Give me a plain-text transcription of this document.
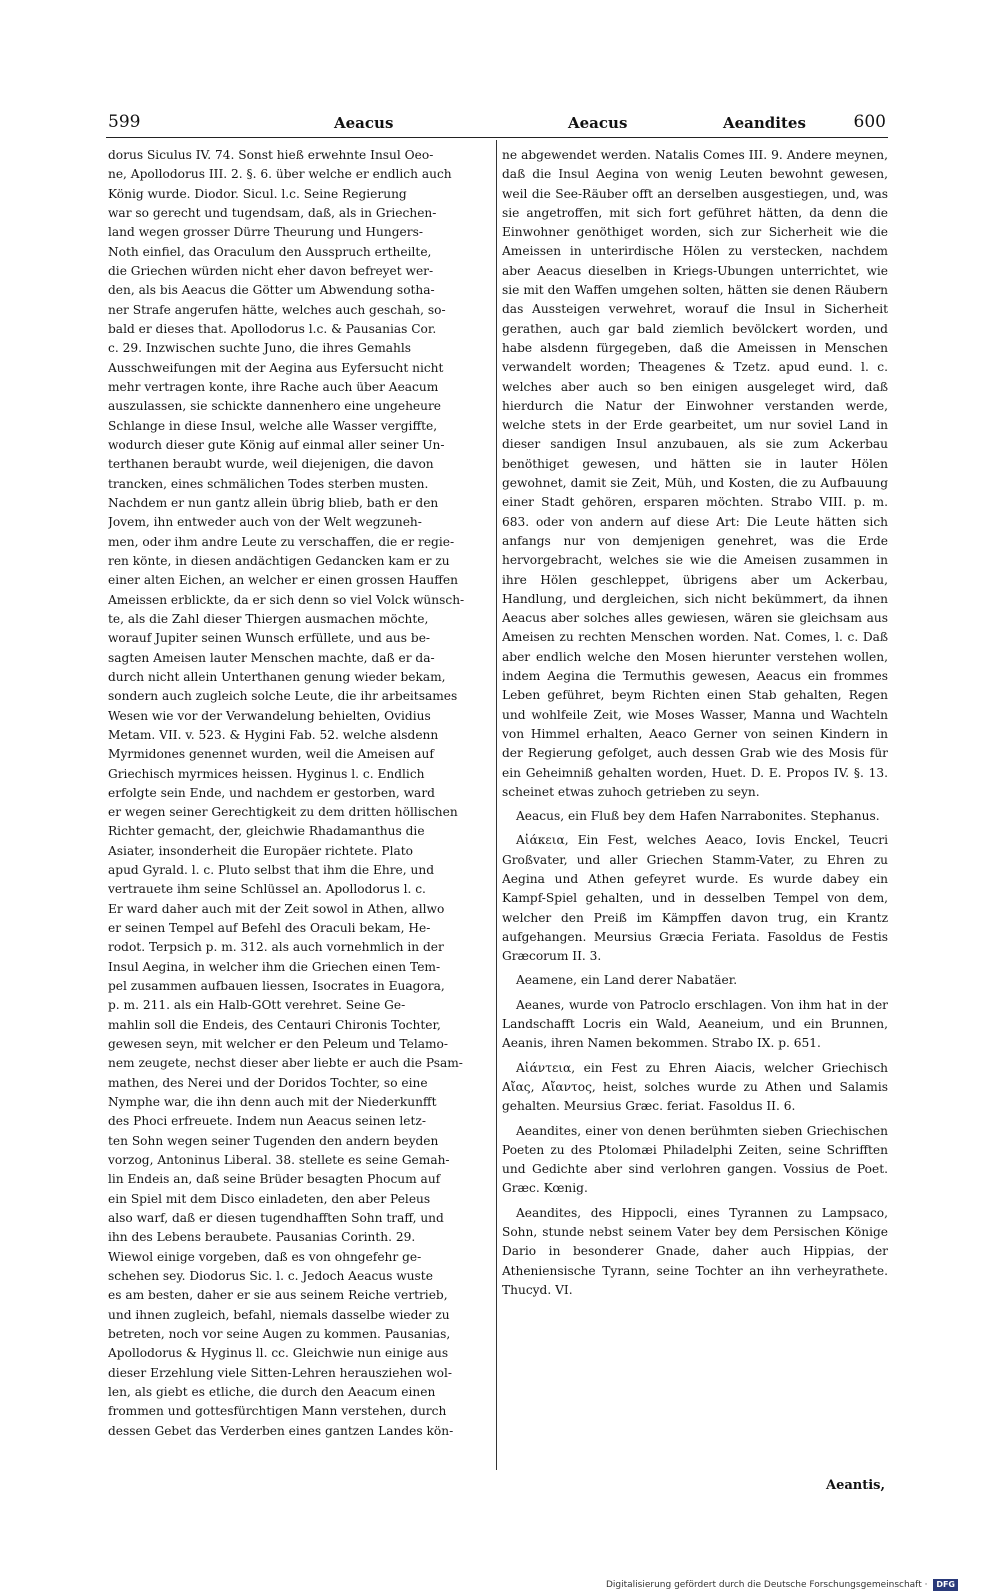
599	Aeacus	Aeacus	Aeandites	600
dorus Siculus IV. 74. Sonst hieß erwehnte Insul Oeo-
ne, Apollodorus III. 2. §. 6. über welche er endlich auch
König wurde. Diodor. Sicul. l.c. Seine Regierung
war so gerecht und tugendsam, daß, als in Griechen-
land wegen grosser Dürre Theurung und Hungers-
Noth einfiel, das Oraculum den Ausspruch ertheilte,
die Griechen würden nicht eher davon befreyet wer-
den, als bis Aeacus die Götter um Abwendung sotha-
ner Strafe angerufen hätte, welches auch geschah, so-
bald er dieses that. Apollodorus l.c. & Pausanias Cor.
c. 29. Inzwischen suchte Juno, die ihres Gemahls
Ausschweifungen mit der Aegina aus Eyfersucht nicht
mehr vertragen konte, ihre Rache auch über Aeacum
auszulassen, sie schickte dannenhero eine ungeheure
Schlange in diese Insul, welche alle Wasser vergiffte,
wodurch dieser gute König auf einmal aller seiner Un-
terthanen beraubt wurde, weil diejenigen, die davon
trancken, eines schmälichen Todes sterben musten.
Nachdem er nun gantz allein übrig blieb, bath er den
Jovem, ihn entweder auch von der Welt wegzuneh-
men, oder ihm andre Leute zu verschaffen, die er regie-
ren könte, in diesen andächtigen Gedancken kam er zu
einer alten Eichen, an welcher er einen grossen Hauffen
Ameissen erblickte, da er sich denn so viel Volck wünsch-
te, als die Zahl dieser Thiergen ausmachen möchte,
worauf Jupiter seinen Wunsch erfüllete, und aus be-
sagten Ameisen lauter Menschen machte, daß er da-
durch nicht allein Unterthanen genung wieder bekam,
sondern auch zugleich solche Leute, die ihr arbeitsames
Wesen wie vor der Verwandelung behielten, Ovidius
Metam. VII. v. 523. & Hygini Fab. 52. welche alsdenn
Myrmidones genennet wurden, weil die Ameisen auf
Griechisch myrmices heissen. Hyginus l. c. Endlich
erfolgte sein Ende, und nachdem er gestorben, ward
er wegen seiner Gerechtigkeit zu dem dritten höllischen
Richter gemacht, der, gleichwie Rhadamanthus die
Asiater, insonderheit die Europäer richtete. Plato
apud Gyrald. l. c. Pluto selbst that ihm die Ehre, und
vertrauete ihm seine Schlüssel an. Apollodorus l. c.
Er ward daher auch mit der Zeit sowol in Athen, allwo
er seinen Tempel auf Befehl des Oraculi bekam, He-
rodot. Terpsich p. m. 312. als auch vornehmlich in der
Insul Aegina, in welcher ihm die Griechen einen Tem-
pel zusammen aufbauen liessen, Isocrates in Euagora,
p. m. 211. als ein Halb-GOtt verehret. Seine Ge-
mahlin soll die Endeis, des Centauri Chironis Tochter,
gewesen seyn, mit welcher er den Peleum und Telamo-
nem zeugete, nechst dieser aber liebte er auch die Psam-
mathen, des Nerei und der Doridos Tochter, so eine
Nymphe war, die ihn denn auch mit der Niederkunfft
des Phoci erfreuete. Indem nun Aeacus seinen letz-
ten Sohn wegen seiner Tugenden den andern beyden
vorzog, Antoninus Liberal. 38. stellete es seine Gemah-
lin Endeis an, daß seine Brüder besagten Phocum auf
ein Spiel mit dem Disco einladeten, den aber Peleus
also warf, daß er diesen tugendhafften Sohn traff, und
ihn des Lebens beraubete. Pausanias Corinth. 29.
Wiewol einige vorgeben, daß es von ohngefehr ge-
schehen sey. Diodorus Sic. l. c. Jedoch Aeacus wuste
es am besten, daher er sie aus seinem Reiche vertrieb,
und ihnen zugleich, befahl, niemals dasselbe wieder zu
betreten, noch vor seine Augen zu kommen. Pausanias,
Apollodorus & Hyginus ll. cc. Gleichwie nun einige aus
dieser Erzehlung viele Sitten-Lehren herausziehen wol-
len, als giebt es etliche, die durch den Aeacum einen
frommen und gottesfürchtigen Mann verstehen, durch
dessen Gebet das Verderben eines gantzen Landes kön-

ne abgewendet werden. Natalis Comes III. 9. Andere meynen, daß die Insul Aegina von wenig Leuten bewohnt gewesen, weil die See-Räuber offt an derselben ausgestiegen, und, was sie angetroffen, mit sich fort geführet hätten, da denn die Einwohner genöthiget worden, sich zur Sicherheit wie die Ameissen in unterirdische Hölen zu verstecken, nachdem aber Aeacus dieselben in Kriegs-Ubungen unterrichtet, wie sie mit den Waffen umgehen solten, hätten sie denen Räubern das Aussteigen verwehret, worauf die Insul in Sicherheit gerathen, auch gar bald ziemlich bevölckert worden, und habe alsdenn fürgegeben, daß die Ameissen in Menschen verwandelt worden; Theagenes & Tzetz. apud eund. l. c. welches aber auch so ben einigen ausgeleget wird, daß hierdurch die Natur der Einwohner verstanden werde, welche stets in der Erde gearbeitet, um nur soviel Land in dieser sandigen Insul anzubauen, als sie zum Ackerbau benöthiget gewesen, und hätten sie in lauter Hölen gewohnet, damit sie Zeit, Müh, und Kosten, die zu Aufbauung einer Stadt gehören, ersparen möchten. Strabo VIII. p. m. 683. oder von andern auf diese Art: Die Leute hätten sich anfangs nur von demjenigen genehret, was die Erde hervorgebracht, welches sie wie die Ameisen zusammen in ihre Hölen geschleppet, übrigens aber um Ackerbau, Handlung, und dergleichen, sich nicht bekümmert, da ihnen Aeacus aber solches alles gewiesen, wären sie gleichsam aus Ameisen zu rechten Menschen worden. Nat. Comes, l. c. Daß aber endlich welche den Mosen hierunter verstehen wollen, indem Aegina die Termuthis gewesen, Aeacus ein frommes Leben geführet, beym Richten einen Stab gehalten, Regen und wohlfeile Zeit, wie Moses Wasser, Manna und Wachteln von Himmel erhalten, Aeaco Gerner von seinen Kindern in der Regierung gefolget, auch dessen Grab wie des Mosis für ein Geheimniß gehalten worden, Huet. D. E. Propos IV. §. 13. scheinet etwas zuhoch getrieben zu seyn.

Aeacus, ein Fluß bey dem Hafen Narrabonites. Stephanus.

Αἰάκεια, Ein Fest, welches Aeaco, Iovis Enckel, Teucri Großvater, und aller Griechen Stamm-Vater, zu Ehren zu Aegina und Athen gefeyret wurde. Es wurde dabey ein Kampf-Spiel gehalten, und in desselben Tempel von dem, welcher den Preiß im Kämpffen davon trug, ein Krantz aufgehangen. Meursius Græcia Feriata. Fasoldus de Festis Græcorum II. 3.

Aeamene, ein Land derer Nabatäer.

Aeanes, wurde von Patroclo erschlagen. Von ihm hat in der Landschafft Locris ein Wald, Aeaneium, und ein Brunnen, Aeanis, ihren Namen bekommen. Strabo IX. p. 651.

Αἰάντεια, ein Fest zu Ehren Aiacis, welcher Griechisch Αἴας, Αἴαντος, heist, solches wurde zu Athen und Salamis gehalten. Meursius Græc. feriat. Fasoldus II. 6.

Aeandites, einer von denen berühmten sieben Griechischen Poeten zu des Ptolomæi Philadelphi Zeiten, seine Schrifften und Gedichte aber sind verlohren gangen. Vossius de Poet. Græc. Kœnig.

Aeandites, des Hippocli, eines Tyrannen zu Lampsaco, Sohn, stunde nebst seinem Vater bey dem Persischen Könige Dario in besonderer Gnade, daher auch Hippias, der Atheniensische Tyrann, seine Tochter an ihn verheyrathete. Thucyd. VI.

Aeantis,
Digitalisierung gefördert durch die Deutsche Forschungsgemeinschaft · DFG
